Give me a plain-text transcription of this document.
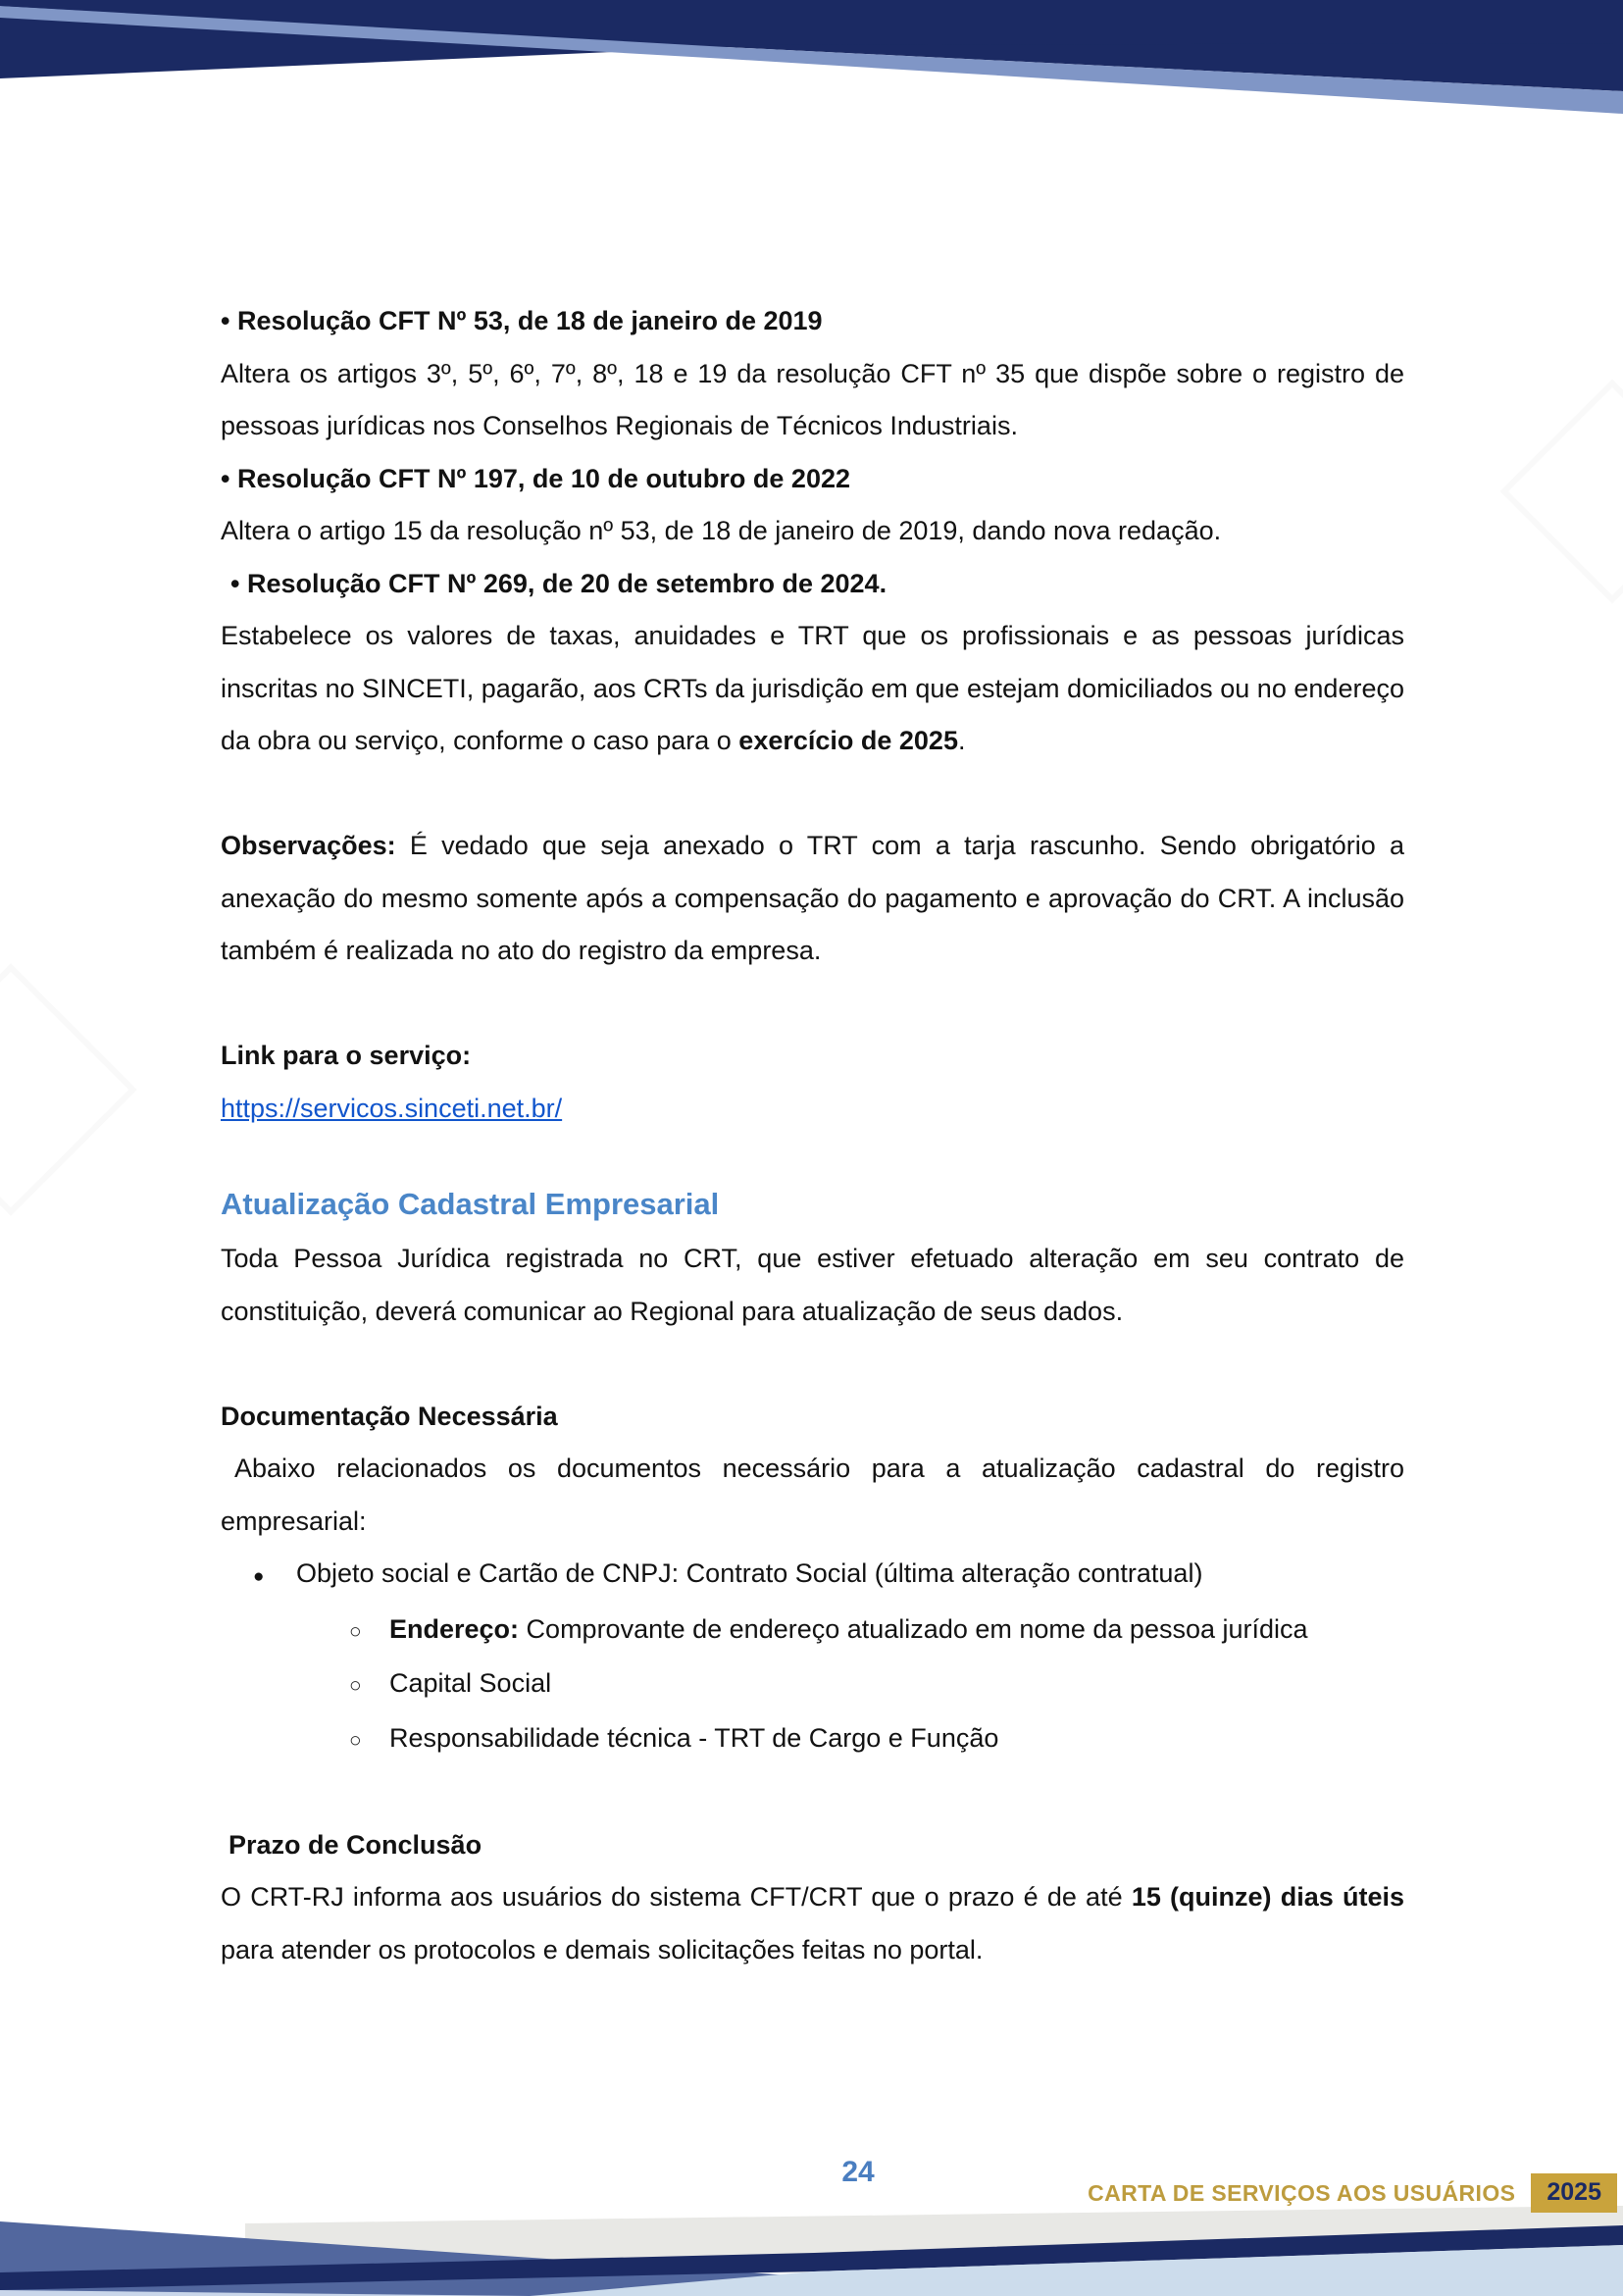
• Resolução CFT Nº 53, de 18 de janeiro de 2019

Altera os artigos 3º, 5º, 6º, 7º, 8º, 18 e 19 da resolução CFT nº 35 que dispõe sobre o registro de pessoas jurídicas nos Conselhos Regionais de Técnicos Industriais.

• Resolução CFT Nº 197, de 10 de outubro de 2022

Altera o artigo 15 da resolução nº 53, de 18 de janeiro de 2019, dando nova redação.

• Resolução CFT Nº 269, de 20 de setembro de 2024.

Estabelece os valores de taxas, anuidades e TRT que os profissionais e as pessoas jurídicas inscritas no SINCETI, pagarão, aos CRTs da jurisdição em que estejam domiciliados ou no endereço da obra ou serviço, conforme o caso para o exercício de 2025.

Observações: É vedado que seja anexado o TRT com a tarja rascunho. Sendo obrigatório a anexação do mesmo somente após a compensação do pagamento e aprovação do CRT. A inclusão também é realizada no ato do registro da empresa.

Link para o serviço:

https://servicos.sinceti.net.br/

Atualização Cadastral Empresarial

Toda Pessoa Jurídica registrada no CRT, que estiver efetuado alteração em seu contrato de constituição, deverá comunicar ao Regional para atualização de seus dados.

Documentação Necessária

Abaixo relacionados os documentos necessário para a atualização cadastral do registro empresarial:

●	Objeto social e Cartão de CNPJ: Contrato Social (última alteração contratual)
○	Endereço: Comprovante de endereço atualizado em nome da pessoa jurídica
○	Capital Social
○	Responsabilidade técnica - TRT de Cargo e Função

Prazo de Conclusão

O CRT-RJ informa aos usuários do sistema CFT/CRT que o prazo é de até 15 (quinze) dias úteis para atender os protocolos e demais solicitações feitas no portal.

24
CARTA DE SERVIÇOS AOS USUÁRIOS	2025
